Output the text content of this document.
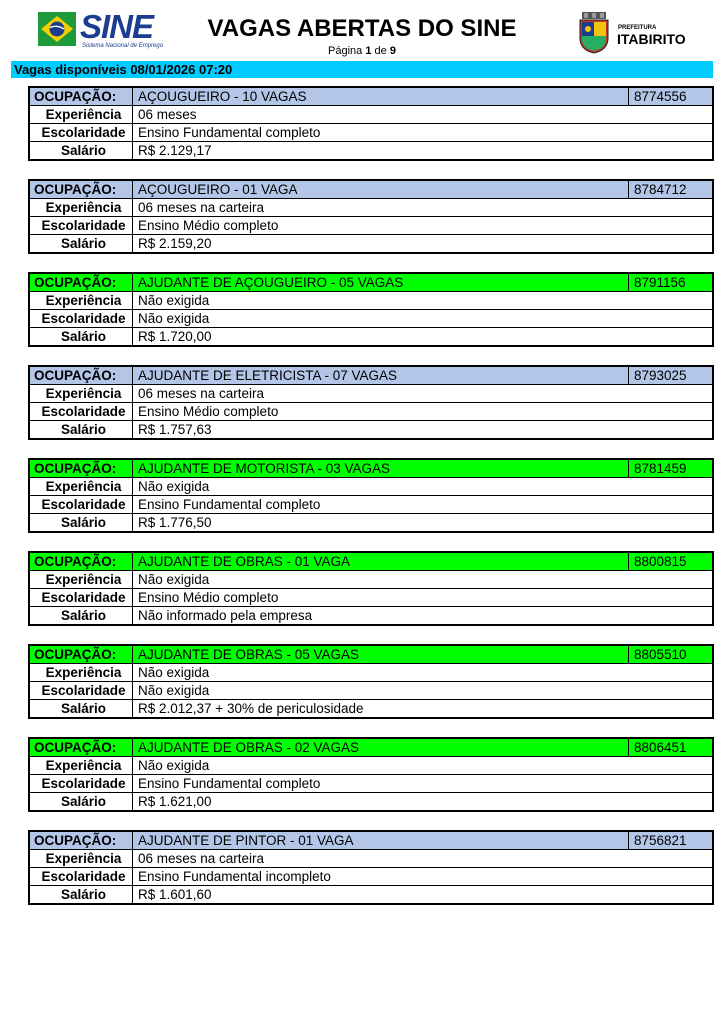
SINE
Sistema Nacional de Emprego
VAGAS ABERTAS DO SINE
Página 1 de 9
PREFEITURA
ITABIRITO
Vagas disponíveis 08/01/2026 07:20
OCUPAÇÃO:	AÇOUGUEIRO - 10 VAGAS	8774556
Experiência	06 meses	
Escolaridade	Ensino Fundamental completo	
Salário	R$ 2.129,17	
OCUPAÇÃO:	AÇOUGUEIRO - 01 VAGA	8784712
Experiência	06 meses na carteira	
Escolaridade	Ensino Médio completo	
Salário	R$ 2.159,20	
OCUPAÇÃO:	AJUDANTE DE AÇOUGUEIRO - 05 VAGAS	8791156
Experiência	Não exigida	
Escolaridade	Não exigida	
Salário	R$ 1.720,00	
OCUPAÇÃO:	AJUDANTE DE ELETRICISTA - 07 VAGAS	8793025
Experiência	06 meses na carteira	
Escolaridade	Ensino Médio completo	
Salário	R$ 1.757,63	
OCUPAÇÃO:	AJUDANTE DE MOTORISTA - 03 VAGAS	8781459
Experiência	Não exigida	
Escolaridade	Ensino Fundamental completo	
Salário	R$ 1.776,50	
OCUPAÇÃO:	AJUDANTE DE OBRAS - 01 VAGA	8800815
Experiência	Não exigida	
Escolaridade	Ensino Médio completo	
Salário	Não informado pela empresa	
OCUPAÇÃO:	AJUDANTE DE OBRAS - 05 VAGAS	8805510
Experiência	Não exigida	
Escolaridade	Não exigida	
Salário	R$ 2.012,37 + 30% de periculosidade	
OCUPAÇÃO:	AJUDANTE DE OBRAS - 02 VAGAS	8806451
Experiência	Não exigida	
Escolaridade	Ensino Fundamental completo	
Salário	R$ 1.621,00	
OCUPAÇÃO:	AJUDANTE DE PINTOR - 01 VAGA	8756821
Experiência	06 meses na carteira	
Escolaridade	Ensino Fundamental incompleto	
Salário	R$ 1.601,60	
